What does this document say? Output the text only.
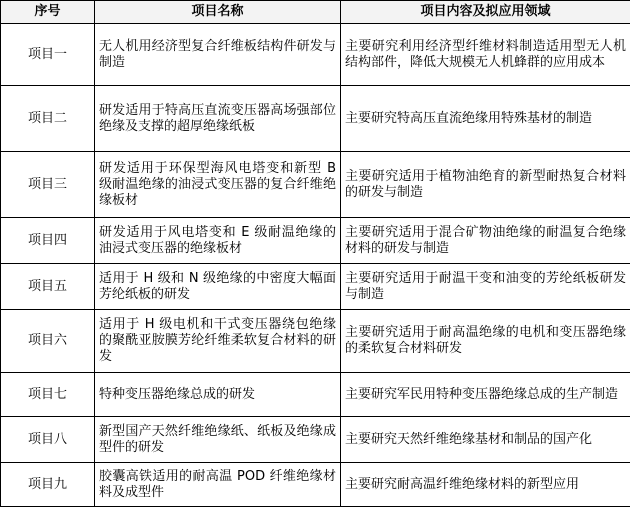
序号	项目名称	项目内容及拟应用领域
项目一	无人机用经济型复合纤维板结构件研发与制造	主要研究利用经济型纤维材料制造适用型无人机结构部件，降低大规模无人机蜂群的应用成本
项目二	研发适用于特高压直流变压器高场强部位绝缘及支撑的超厚绝缘纸板	主要研究特高压直流绝缘用特殊基材的制造
项目三	研发适用于环保型海风电塔变和新型 B 级耐温绝缘的油浸式变压器的复合纤维绝缘板材	主要研究适用于植物油绝育的新型耐热复合材料的研发与制造
项目四	研发适用于风电塔变和 E 级耐温绝缘的油浸式变压器的绝缘板材	主要研究适用于混合矿物油绝缘的耐温复合绝缘材料的研发与制造
项目五	适用于 H 级和 N 级绝缘的中密度大幅面芳纶纸板的研发	主要研究适用于耐温干变和油变的芳纶纸板研发与制造
项目六	适用于 H 级电机和干式变压器绕包绝缘的聚酰亚胺膜芳纶纤维柔软复合材料的研发	主要研究适用于耐高温绝缘的电机和变压器绝缘的柔软复合材料研发
项目七	特种变压器绝缘总成的研发	主要研究军民用特种变压器绝缘总成的生产制造
项目八	新型国产天然纤维绝缘纸、纸板及绝缘成型件的研发	主要研究天然纤维绝缘基材和制品的国产化
项目九	胶囊高铁适用的耐高温 POD 纤维绝缘材料及成型件	主要研究耐高温纤维绝缘材料的新型应用
